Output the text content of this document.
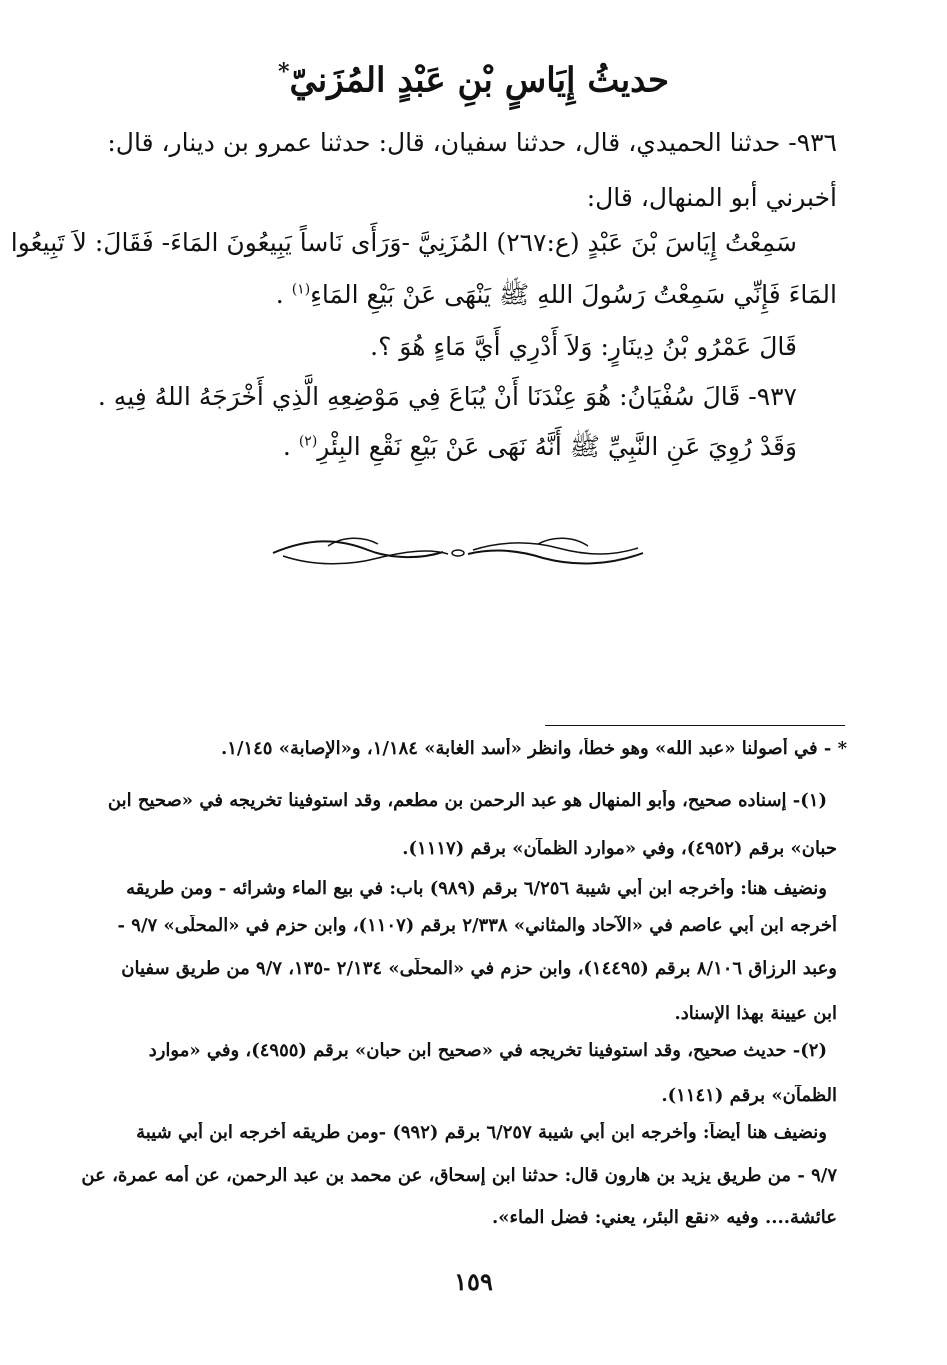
حديثُ إِيَاسٍ بْنِ عَبْدٍ المُزَنيّ*
٩٣٦- حدثنا الحميدي، قال، حدثنا سفيان، قال: حدثنا عمرو بن دينار، قال:
أخبرني أبو المنهال، قال:
سَمِعْتُ إِيَاسَ بْنَ عَبْدٍ (ع:٢٦٧) المُزَنِيَّ -وَرَأَى نَاساً يَبِيعُونَ المَاءَ- فَقَالَ: لاَ تَبِيعُوا
المَاءَ فَإِنِّي سَمِعْتُ رَسُولَ اللهِ ﷺ يَنْهَى عَنْ بَيْعِ المَاءِ$^{(١)}$ .
قَالَ عَمْرُو بْنُ دِينَارٍ: وَلاَ أَدْرِي أَيَّ مَاءٍ هُوَ ؟.
٩٣٧- قَالَ سُفْيَانُ: هُوَ عِنْدَنَا أَنْ يُبَاعَ فِي مَوْضِعِهِ الَّذِي أَخْرَجَهُ اللهُ فِيهِ .
وَقَدْ رُوِيَ عَنِ النَّبِيِّ ﷺ أَنَّهُ نَهَى عَنْ بَيْعِ نَقْعِ البِئْرِ$^{(٢)}$ .
* - في أصولنا «عبد الله» وهو خطأ، وانظر «أسد الغابة» ١/١٨٤، و«الإصابة» ١/١٤٥.
(١)- إسناده صحيح، وأبو المنهال هو عبد الرحمن بن مطعم، وقد استوفينا تخريجه في «صحيح ابن
حبان» برقم (٤٩٥٢)، وفي «موارد الظمآن» برقم (١١١٧).
ونضيف هنا: وأخرجه ابن أبي شيبة ٦/٢٥٦ برقم (٩٨٩) باب: في بيع الماء وشرائه - ومن طريقه
أخرجه ابن أبي عاصم في «الآحاد والمثاني» ٢/٣٣٨ برقم (١١٠٧)، وابن حزم في «المحلّى» ٩/٧ -
وعبد الرزاق ٨/١٠٦ برقم (١٤٤٩٥)، وابن حزم في «المحلّى» ٢/١٣٤ -١٣٥، ٩/٧ من طريق سفيان
ابن عيينة بهذا الإسناد.
(٢)- حديث صحيح، وقد استوفينا تخريجه في «صحيح ابن حبان» برقم (٤٩٥٥)، وفي «موارد
الظمآن» برقم (١١٤١).
ونضيف هنا أيضاً: وأخرجه ابن أبي شيبة ٦/٢٥٧ برقم (٩٩٢) -ومن طريقه أخرجه ابن أبي شيبة
٩/٧ - من طريق يزيد بن هارون قال: حدثنا ابن إسحاق، عن محمد بن عبد الرحمن، عن أمه عمرة، عن
عائشة.... وفيه «نقع البئر، يعني: فضل الماء».
١٥٩
